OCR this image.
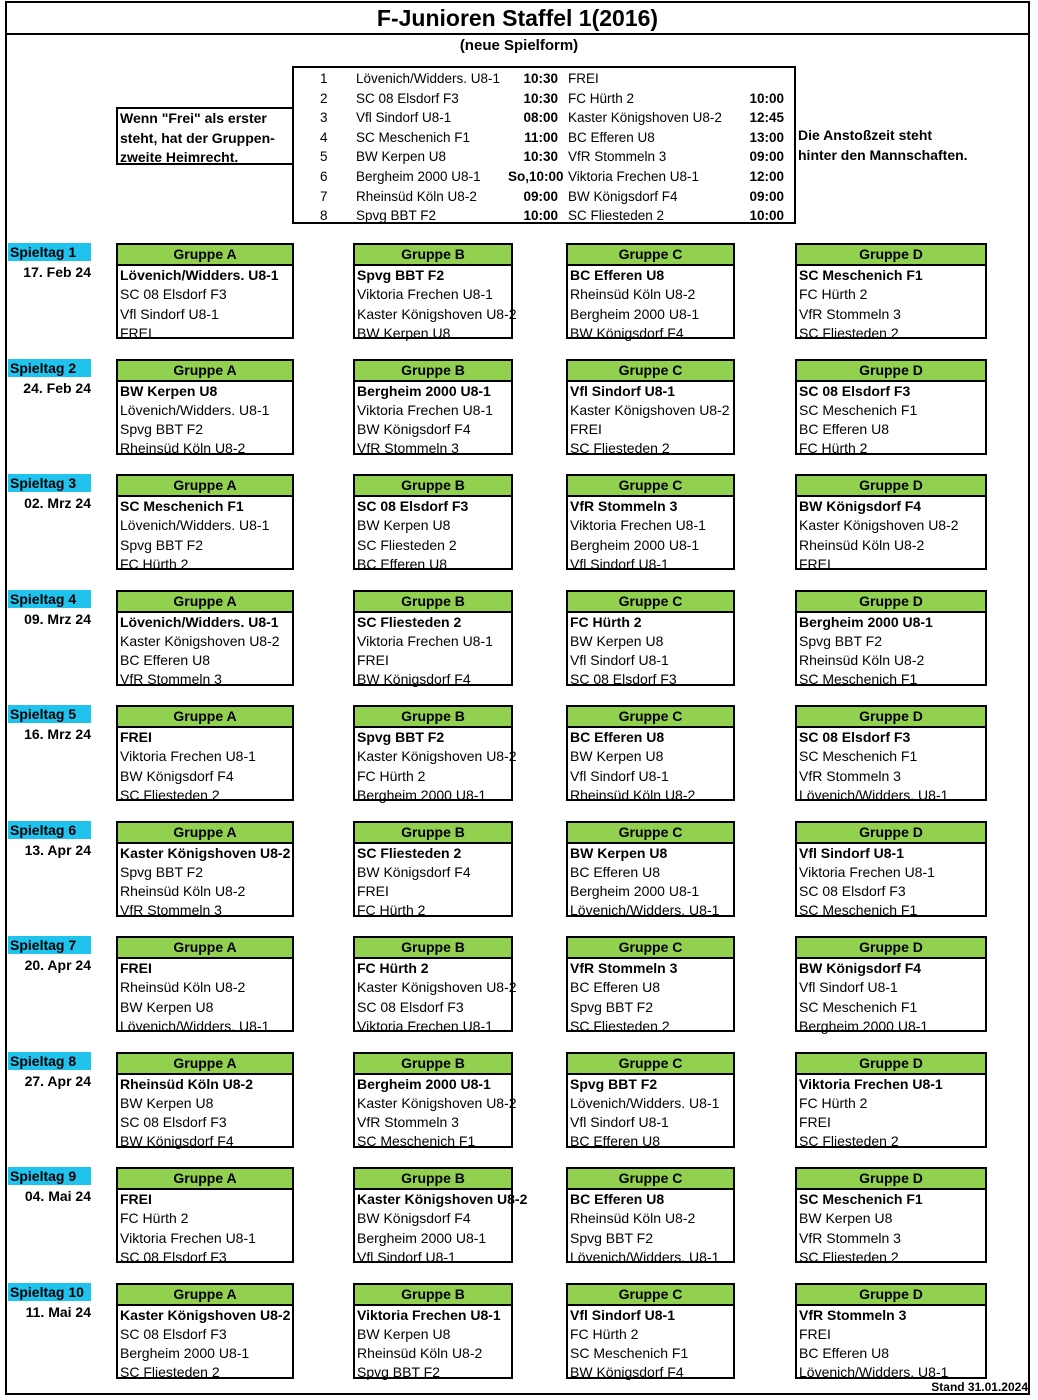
F-Junioren Staffel 1(2016)
(neue Spielform)
Wenn "Frei" als erster
steht, hat der Gruppen-
zweite Heimrecht.
Die Anstoßzeit steht
hinter den Mannschaften.
1 Lövenich/Widders. U8-1	10:30 FREI
2 SC 08 Elsdorf F3	10:30 FC Hürth 2	10:00
3 Vfl Sindorf U8-1	08:00 Kaster Königshoven U8-2	12:45
4 SC Meschenich F1	11:00 BC Efferen U8	13:00
5 BW Kerpen U8	10:30 VfR Stommeln 3	09:00
6 Bergheim 2000 U8-1 So,10:00 Viktoria Frechen U8-1	12:00
7 Rheinsüd Köln U8-2	09:00 BW Königsdorf F4	09:00
8 Spvg BBT F2	10:00 SC Fliesteden 2	10:00
Spieltag 1
17. Feb 24
Gruppe A
Lövenich/Widders. U8-1
SC 08 Elsdorf F3
Vfl Sindorf U8-1
FREI
Gruppe B
Spvg BBT F2
Viktoria Frechen U8-1
Kaster Königshoven U8-2
BW Kerpen U8
Gruppe C
BC Efferen U8
Rheinsüd Köln U8-2
Bergheim 2000 U8-1
BW Königsdorf F4
Gruppe D
SC Meschenich F1
FC Hürth 2
VfR Stommeln 3
SC Fliesteden 2
Spieltag 2
24. Feb 24
Gruppe A
BW Kerpen U8
Lövenich/Widders. U8-1
Spvg BBT F2
Rheinsüd Köln U8-2
Gruppe B
Bergheim 2000 U8-1
Viktoria Frechen U8-1
BW Königsdorf F4
VfR Stommeln 3
Gruppe C
Vfl Sindorf U8-1
Kaster Königshoven U8-2
FREI
SC Fliesteden 2
Gruppe D
SC 08 Elsdorf F3
SC Meschenich F1
BC Efferen U8
FC Hürth 2
Spieltag 3
02. Mrz 24
Gruppe A
SC Meschenich F1
Lövenich/Widders. U8-1
Spvg BBT F2
FC Hürth 2
Gruppe B
SC 08 Elsdorf F3
BW Kerpen U8
SC Fliesteden 2
BC Efferen U8
Gruppe C
VfR Stommeln 3
Viktoria Frechen U8-1
Bergheim 2000 U8-1
Vfl Sindorf U8-1
Gruppe D
BW Königsdorf F4
Kaster Königshoven U8-2
Rheinsüd Köln U8-2
FREI
Spieltag 4
09. Mrz 24
Gruppe A
Lövenich/Widders. U8-1
Kaster Königshoven U8-2
BC Efferen U8
VfR Stommeln 3
Gruppe B
SC Fliesteden 2
Viktoria Frechen U8-1
FREI
BW Königsdorf F4
Gruppe C
FC Hürth 2
BW Kerpen U8
Vfl Sindorf U8-1
SC 08 Elsdorf F3
Gruppe D
Bergheim 2000 U8-1
Spvg BBT F2
Rheinsüd Köln U8-2
SC Meschenich F1
Spieltag 5
16. Mrz 24
Gruppe A
FREI
Viktoria Frechen U8-1
BW Königsdorf F4
SC Fliesteden 2
Gruppe B
Spvg BBT F2
Kaster Königshoven U8-2
FC Hürth 2
Bergheim 2000 U8-1
Gruppe C
BC Efferen U8
BW Kerpen U8
Vfl Sindorf U8-1
Rheinsüd Köln U8-2
Gruppe D
SC 08 Elsdorf F3
SC Meschenich F1
VfR Stommeln 3
Lövenich/Widders. U8-1
Spieltag 6
13. Apr 24
Gruppe A
Kaster Königshoven U8-2
Spvg BBT F2
Rheinsüd Köln U8-2
VfR Stommeln 3
Gruppe B
SC Fliesteden 2
BW Königsdorf F4
FREI
FC Hürth 2
Gruppe C
BW Kerpen U8
BC Efferen U8
Bergheim 2000 U8-1
Lövenich/Widders. U8-1
Gruppe D
Vfl Sindorf U8-1
Viktoria Frechen U8-1
SC 08 Elsdorf F3
SC Meschenich F1
Spieltag 7
20. Apr 24
Gruppe A
FREI
Rheinsüd Köln U8-2
BW Kerpen U8
Lövenich/Widders. U8-1
Gruppe B
FC Hürth 2
Kaster Königshoven U8-2
SC 08 Elsdorf F3
Viktoria Frechen U8-1
Gruppe C
VfR Stommeln 3
BC Efferen U8
Spvg BBT F2
SC Fliesteden 2
Gruppe D
BW Königsdorf F4
Vfl Sindorf U8-1
SC Meschenich F1
Bergheim 2000 U8-1
Spieltag 8
27. Apr 24
Gruppe A
Rheinsüd Köln U8-2
BW Kerpen U8
SC 08 Elsdorf F3
BW Königsdorf F4
Gruppe B
Bergheim 2000 U8-1
Kaster Königshoven U8-2
VfR Stommeln 3
SC Meschenich F1
Gruppe C
Spvg BBT F2
Lövenich/Widders. U8-1
Vfl Sindorf U8-1
BC Efferen U8
Gruppe D
Viktoria Frechen U8-1
FC Hürth 2
FREI
SC Fliesteden 2
Spieltag 9
04. Mai 24
Gruppe A
FREI
FC Hürth 2
Viktoria Frechen U8-1
SC 08 Elsdorf F3
Gruppe B
Kaster Königshoven U8-2
BW Königsdorf F4
Bergheim 2000 U8-1
Vfl Sindorf U8-1
Gruppe C
BC Efferen U8
Rheinsüd Köln U8-2
Spvg BBT F2
Lövenich/Widders. U8-1
Gruppe D
SC Meschenich F1
BW Kerpen U8
VfR Stommeln 3
SC Fliesteden 2
Spieltag 10
11. Mai 24
Gruppe A
Kaster Königshoven U8-2
SC 08 Elsdorf F3
Bergheim 2000 U8-1
SC Fliesteden 2
Gruppe B
Viktoria Frechen U8-1
BW Kerpen U8
Rheinsüd Köln U8-2
Spvg BBT F2
Gruppe C
Vfl Sindorf U8-1
FC Hürth 2
SC Meschenich F1
BW Königsdorf F4
Gruppe D
VfR Stommeln 3
FREI
BC Efferen U8
Lövenich/Widders. U8-1
Stand 31.01.2024
